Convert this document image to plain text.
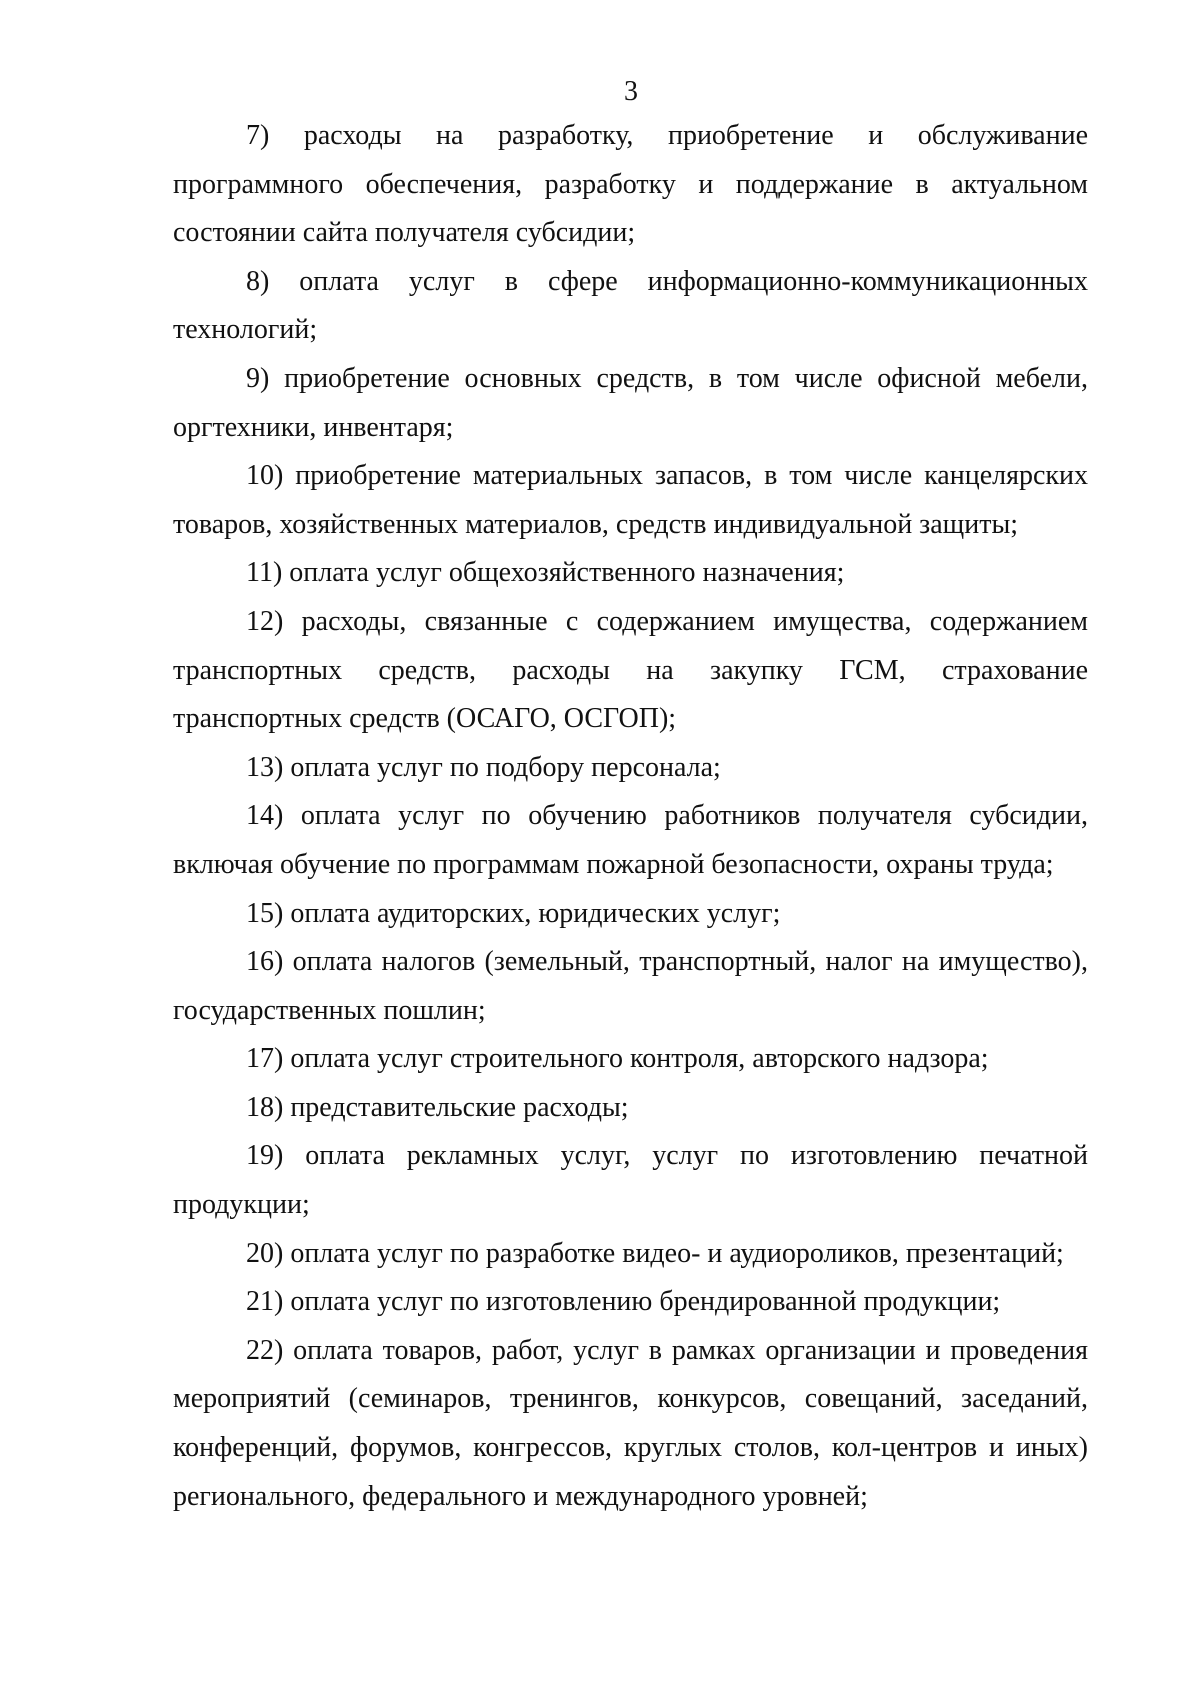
3

7) расходы на разработку, приобретение и обслуживание программного обеспечения, разработку и поддержание в актуальном состоянии сайта получателя субсидии;

8) оплата услуг в сфере информационно-коммуникационных технологий;

9) приобретение основных средств, в том числе офисной мебели, оргтехники, инвентаря;

10) приобретение материальных запасов, в том числе канцелярских товаров, хозяйственных материалов, средств индивидуальной защиты;

11) оплата услуг общехозяйственного назначения;

12) расходы, связанные с содержанием имущества, содержанием транспортных средств, расходы на закупку ГСМ, страхование транспортных средств (ОСАГО, ОСГОП);

13) оплата услуг по подбору персонала;

14) оплата услуг по обучению работников получателя субсидии, включая обучение по программам пожарной безопасности, охраны труда;

15) оплата аудиторских, юридических услуг;

16) оплата налогов (земельный, транспортный, налог на имущество), государственных пошлин;

17) оплата услуг строительного контроля, авторского надзора;

18) представительские расходы;

19) оплата рекламных услуг, услуг по изготовлению печатной продукции;

20) оплата услуг по разработке видео- и аудиороликов, презентаций;

21) оплата услуг по изготовлению брендированной продукции;

22) оплата товаров, работ, услуг в рамках организации и проведения мероприятий (семинаров, тренингов, конкурсов, совещаний, заседаний, конференций, форумов, конгрессов, круглых столов, кол-центров и иных) регионального, федерального и международного уровней;
